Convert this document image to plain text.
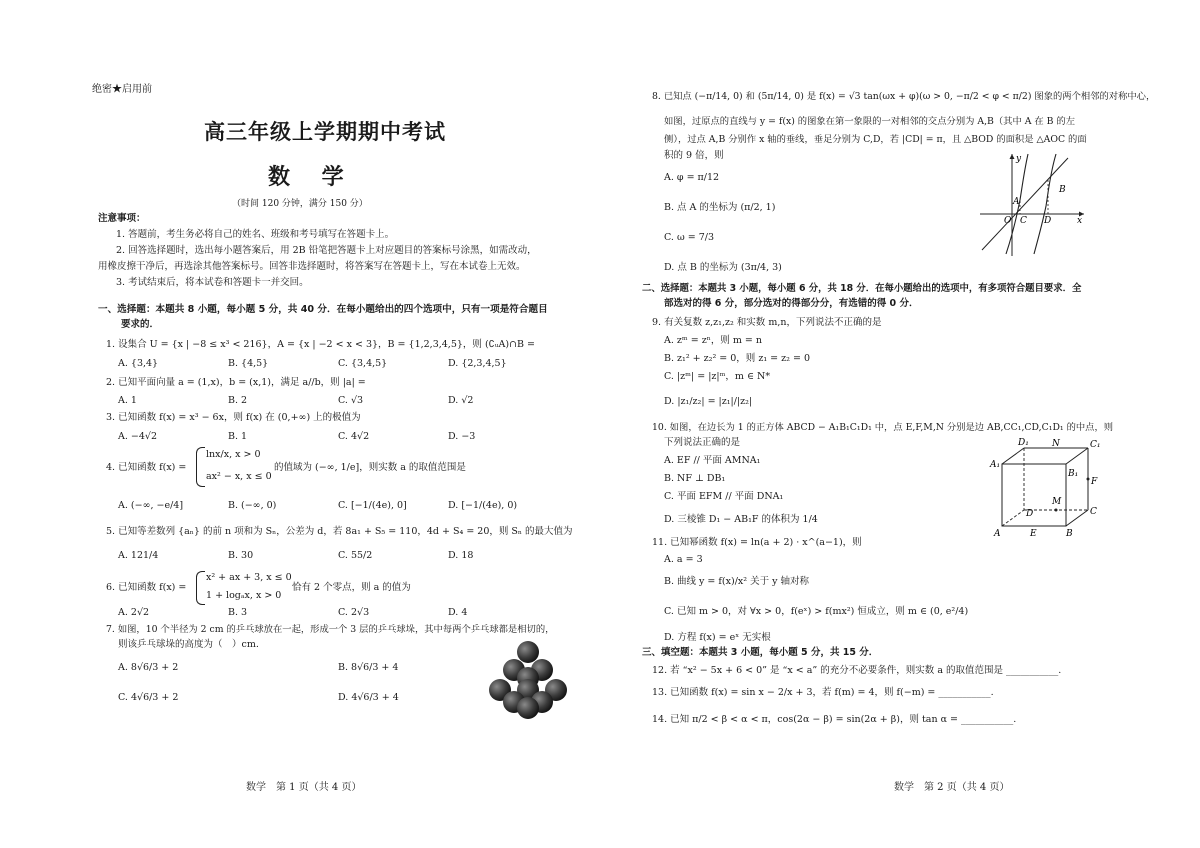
绝密★启用前
高三年级上学期期中考试
数 学
（时间 120 分钟，满分 150 分）
注意事项：
1. 答题前，考生务必将自己的姓名、班级和考号填写在答题卡上。
2. 回答选择题时，选出每小题答案后，用 2B 铅笔把答题卡上对应题目的答案标号涂黑，如需改动，
用橡皮擦干净后，再选涂其他答案标号。回答非选择题时，将答案写在答题卡上，写在本试卷上无效。
3. 考试结束后，将本试卷和答题卡一并交回。
一、选择题：本题共 8 小题，每小题 5 分，共 40 分．在每小题给出的四个选项中，只有一项是符合题目
要求的．
1. 设集合 U = {x | −8 ≤ x³ < 216}，A = {x | −2 < x < 3}，B = {1,2,3,4,5}，则 (∁ᵤA)∩B =
A. {3,4}	B. {4,5}	C. {3,4,5}	D. {2,3,4,5}
2. 已知平面向量 a = (1,x)，b = (x,1)，满足 a//b，则 |a| =
A. 1	B. 2	C. √3	D. √2
3. 已知函数 f(x) = x³ − 6x，则 f(x) 在 (0,+∞) 上的极值为
A. −4√2	B. 1	C. 4√2	D. −3
4. 已知函数 f(x) =
lnx/x, x > 0
ax² − x, x ≤ 0
的值域为 (−∞, 1/e]，则实数 a 的取值范围是
A. (−∞, −e/4]	B. (−∞, 0)	C. [−1/(4e), 0]	D. [−1/(4e), 0)
5. 已知等差数列 {aₙ} 的前 n 项和为 Sₙ，公差为 d，若 8a₁ + S₅ = 110，4d + S₄ = 20，则 Sₙ 的最大值为
A. 121/4	B. 30	C. 55/2	D. 18
6. 已知函数 f(x) =
x² + ax + 3, x ≤ 0
1 + logₐx, x > 0
恰有 2 个零点，则 a 的值为
A. 2√2	B. 3	C. 2√3	D. 4
7. 如图，10 个半径为 2 cm 的乒乓球放在一起，形成一个 3 层的乒乓球垛，其中每两个乒乓球都是相切的，
则该乒乓球垛的高度为（　）cm.
A. 8√6/3 + 2	B. 8√6/3 + 4
C. 4√6/3 + 2	D. 4√6/3 + 4
数学　第 1 页（共 4 页）
8. 已知点 (−π/14, 0) 和 (5π/14, 0) 是 f(x) = √3 tan(ωx + φ)(ω > 0, −π/2 < φ < π/2) 图象的两个相邻的对称中心，
如图，过原点的直线与 y = f(x) 的图象在第一象限的一对相邻的交点分别为 A,B（其中 A 在 B 的左
侧），过点 A,B 分别作 x 轴的垂线，垂足分别为 C,D，若 |CD| = π，且 △BOD 的面积是 △AOC 的面
积的 9 倍，则
A. φ = π/12
B. 点 A 的坐标为 (π/2, 1)
C. ω = 7/3
D. 点 B 的坐标为 (3π/4, 3)
y
B
A
O C D	x
二、选择题：本题共 3 小题，每小题 6 分，共 18 分．在每小题给出的选项中，有多项符合题目要求．全
部选对的得 6 分，部分选对的得部分分，有选错的得 0 分．
9. 有关复数 z,z₁,z₂ 和实数 m,n，下列说法不正确的是
A. zᵐ = zⁿ，则 m = n
B. z₁² + z₂² = 0，则 z₁ = z₂ = 0
C. |zᵐ| = |z|ᵐ，m ∈ N*
D. |z₁/z₂| = |z₁|/|z₂|
10. 如图，在边长为 1 的正方体 ABCD − A₁B₁C₁D₁ 中，点 E,F,M,N 分别是边 AB,CC₁,CD,C₁D₁ 的中点，则
下列说法正确的是
A. EF // 平面 AMNA₁
B. NF ⊥ DB₁
C. 平面 EFM // 平面 DNA₁
D. 三棱锥 D₁ − AB₁F 的体积为 1/4
D₁	N	C₁
A₁
B₁
F
M
D	C
A	E	B
11. 已知幂函数 f(x) = ln(a + 2) · x^(a−1)，则
A. a = 3
B. 曲线 y = f(x)/x² 关于 y 轴对称
C. 已知 m > 0，对 ∀x > 0，f(eˣ) > f(mx²) 恒成立，则 m ∈ (0, e²/4)
D. 方程 f(x) = eˣ 无实根
三、填空题：本题共 3 小题，每小题 5 分，共 15 分．
12. 若 “x² − 5x + 6 < 0” 是 “x < a” 的充分不必要条件，则实数 a 的取值范围是 ___________.
13. 已知函数 f(x) = sin x − 2/x + 3，若 f(m) = 4，则 f(−m) = ___________.
14. 已知 π/2 < β < α < π，cos(2α − β) = sin(2α + β)，则 tan α = ___________.
数学　第 2 页（共 4 页）
